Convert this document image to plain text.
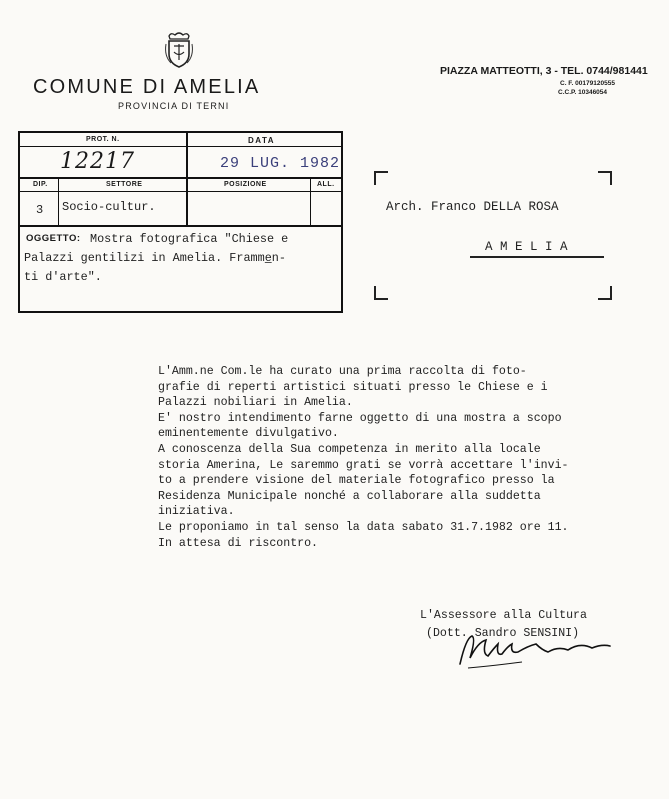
COMUNE DI AMELIA
PROVINCIA DI TERNI
PIAZZA MATTEOTTI, 3 - TEL. 0744/981441
C. F. 00179120555
C.C.P. 10346054
PROT. N.	DATA
12217	29 LUG. 1982
DIP.	SETTORE	POSIZIONE	ALL.
3 Socio-cultur.
OGGETTO: Mostra fotografica "Chiese e
Palazzi gentilizi in Amelia. Framme̲n-
ti d'arte".
Arch. Franco DELLA ROSA
A M E L I A
L'Amm.ne Com.le ha curato una prima raccolta di foto-
grafie di reperti artistici situati presso le Chiese e i
Palazzi nobiliari in Amelia.
E' nostro intendimento farne oggetto di una mostra a scopo
eminentemente divulgativo.
A conoscenza della Sua competenza in merito alla locale
storia Amerina, Le saremmo grati se vorrà accettare l'invi-
to a prendere visione del materiale fotografico presso la
Residenza Municipale nonché a collaborare alla suddetta
iniziativa.
Le proponiamo in tal senso la data sabato 31.7.1982 ore 11.
In attesa di riscontro.
L'Assessore alla Cultura
(Dott. Sandro SENSINI)
